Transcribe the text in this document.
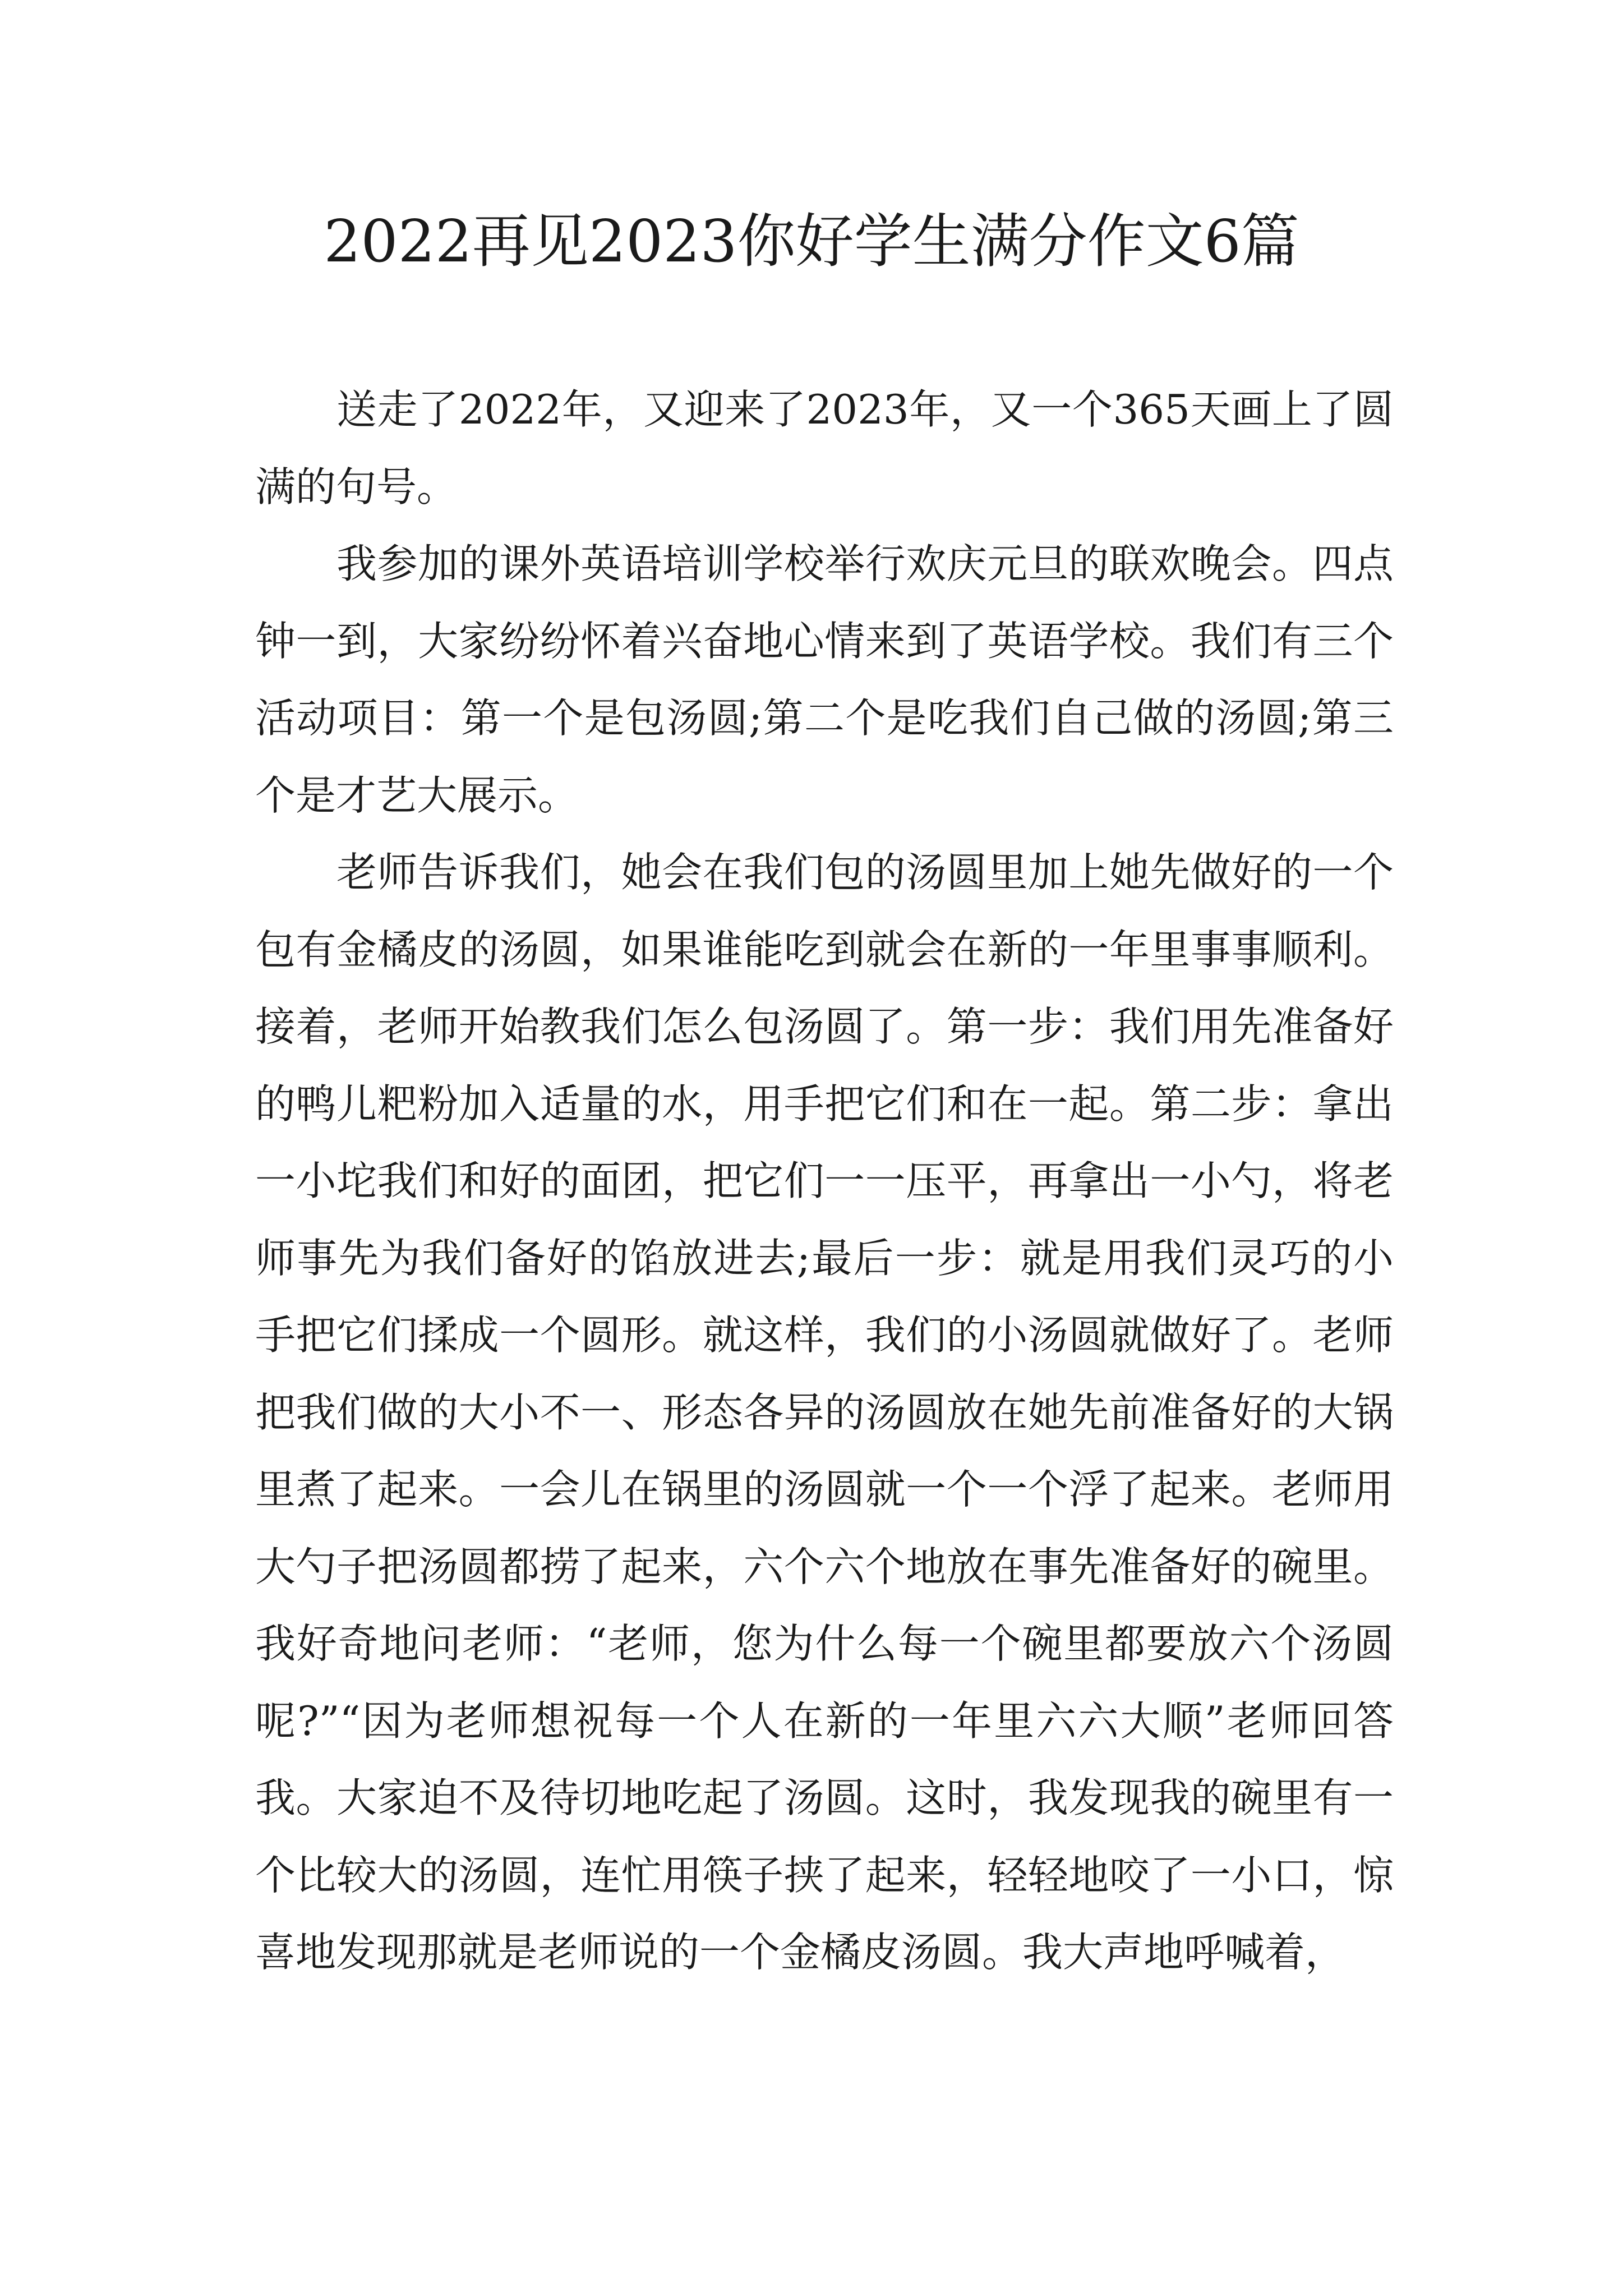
2022再见2023你好学生满分作文6篇

送走了2022年，又迎来了2023年，又一个365天画上了圆满的句号。

我参加的课外英语培训学校举行欢庆元旦的联欢晚会。四点钟一到，大家纷纷怀着兴奋地心情来到了英语学校。我们有三个活动项目：第一个是包汤圆;第二个是吃我们自己做的汤圆;第三个是才艺大展示。

老师告诉我们，她会在我们包的汤圆里加上她先做好的一个包有金橘皮的汤圆，如果谁能吃到就会在新的一年里事事顺利。接着，老师开始教我们怎么包汤圆了。第一步：我们用先准备好的鸭儿粑粉加入适量的水，用手把它们和在一起。第二步：拿出一小坨我们和好的面团，把它们一一压平，再拿出一小勺，将老师事先为我们备好的馅放进去;最后一步：就是用我们灵巧的小手把它们揉成一个圆形。就这样，我们的小汤圆就做好了。老师把我们做的大小不一、形态各异的汤圆放在她先前准备好的大锅里煮了起来。一会儿在锅里的汤圆就一个一个浮了起来。老师用大勺子把汤圆都捞了起来，六个六个地放在事先准备好的碗里。我好奇地问老师：“老师，您为什么每一个碗里都要放六个汤圆呢?”“因为老师想祝每一个人在新的一年里六六大顺”老师回答我。大家迫不及待切地吃起了汤圆。这时，我发现我的碗里有一个比较大的汤圆，连忙用筷子挟了起来，轻轻地咬了一小口，惊喜地发现那就是老师说的一个金橘皮汤圆。我大声地呼喊着，
